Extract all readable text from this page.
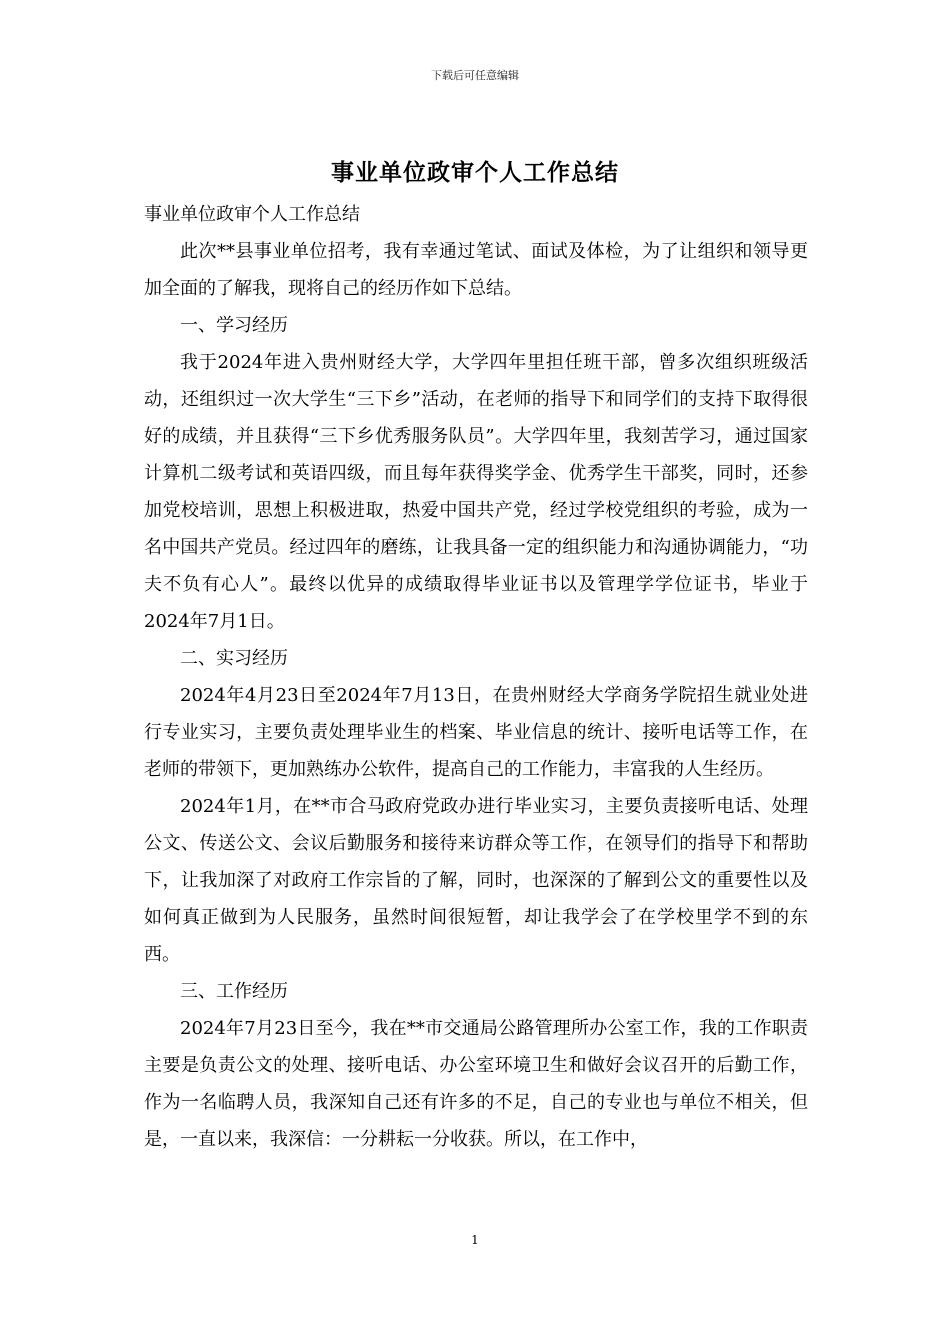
下载后可任意编辑
事业单位政审个人工作总结

事业单位政审个人工作总结

此次**县事业单位招考，我有幸通过笔试、面试及体检，为了让组织和领导更加全面的了解我，现将自己的经历作如下总结。

一、学习经历

我于2024年进入贵州财经大学，大学四年里担任班干部，曾多次组织班级活动，还组织过一次大学生“三下乡”活动，在老师的指导下和同学们的支持下取得很好的成绩，并且获得“三下乡优秀服务队员”。大学四年里，我刻苦学习，通过国家计算机二级考试和英语四级，而且每年获得奖学金、优秀学生干部奖，同时，还参加党校培训，思想上积极进取，热爱中国共产党，经过学校党组织的考验，成为一名中国共产党员。经过四年的磨练，让我具备一定的组织能力和沟通协调能力，“功夫不负有心人”。最终以优异的成绩取得毕业证书以及管理学学位证书，毕业于2024年7月1日。

二、实习经历

2024年4月23日至2024年7月13日，在贵州财经大学商务学院招生就业处进行专业实习，主要负责处理毕业生的档案、毕业信息的统计、接听电话等工作，在老师的带领下，更加熟练办公软件，提高自己的工作能力，丰富我的人生经历。

2024年1月，在**市合马政府党政办进行毕业实习，主要负责接听电话、处理公文、传送公文、会议后勤服务和接待来访群众等工作，在领导们的指导下和帮助下，让我加深了对政府工作宗旨的了解，同时，也深深的了解到公文的重要性以及如何真正做到为人民服务，虽然时间很短暂，却让我学会了在学校里学不到的东西。

三、工作经历

2024年7月23日至今，我在**市交通局公路管理所办公室工作，我的工作职责主要是负责公文的处理、接听电话、办公室环境卫生和做好会议召开的后勤工作，作为一名临聘人员，我深知自己还有许多的不足，自己的专业也与单位不相关，但是，一直以来，我深信：一分耕耘一分收获。所以，在工作中，

1
